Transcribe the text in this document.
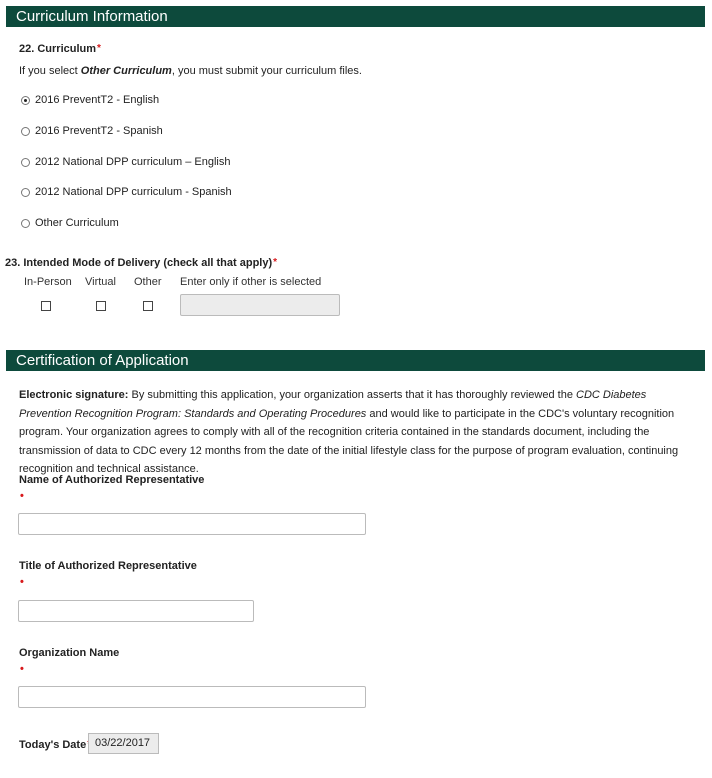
Curriculum Information
22. Curriculum*
If you select Other Curriculum, you must submit your curriculum files.
2016 PreventT2 - English
2016 PreventT2 - Spanish
2012 National DPP curriculum – English
2012 National DPP curriculum - Spanish
Other Curriculum
23. Intended Mode of Delivery (check all that apply)*
In-Person Virtual Other Enter only if other is selected
Certification of Application
Electronic signature: By submitting this application, your organization asserts that it has thoroughly reviewed the CDC Diabetes Prevention Recognition Program: Standards and Operating Procedures and would like to participate in the CDC's voluntary recognition program. Your organization agrees to comply with all of the recognition criteria contained in the standards document, including the transmission of data to CDC every 12 months from the date of the initial lifestyle class for the purpose of program evaluation, continuing recognition and technical assistance.
Name of Authorized Representative
•
Title of Authorized Representative
•
Organization Name
•
Today's Date 03/22/2017
